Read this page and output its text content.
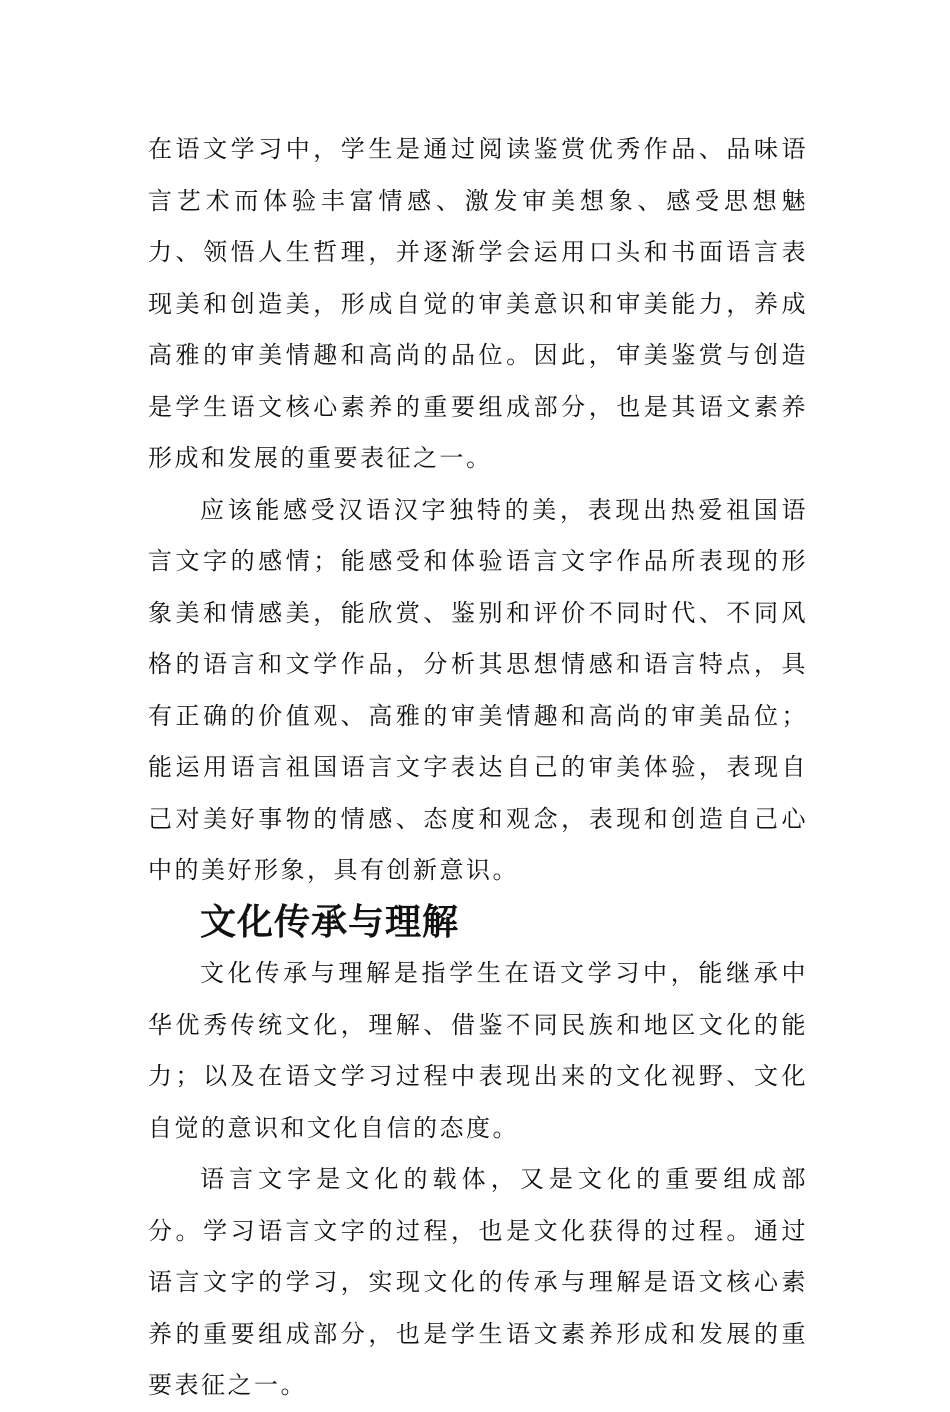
在语文学习中，学生是通过阅读鉴赏优秀作品、品味语言艺术而体验丰富情感、激发审美想象、感受思想魅力、领悟人生哲理，并逐渐学会运用口头和书面语言表现美和创造美，形成自觉的审美意识和审美能力，养成高雅的审美情趣和高尚的品位。因此，审美鉴赏与创造是学生语文核心素养的重要组成部分，也是其语文素养形成和发展的重要表征之一。

应该能感受汉语汉字独特的美，表现出热爱祖国语言文字的感情；能感受和体验语言文字作品所表现的形象美和情感美，能欣赏、鉴别和评价不同时代、不同风格的语言和文学作品，分析其思想情感和语言特点，具有正确的价值观、高雅的审美情趣和高尚的审美品位；能运用语言祖国语言文字表达自己的审美体验，表现自己对美好事物的情感、态度和观念，表现和创造自己心中的美好形象，具有创新意识。

文化传承与理解

文化传承与理解是指学生在语文学习中，能继承中华优秀传统文化，理解、借鉴不同民族和地区文化的能力；以及在语文学习过程中表现出来的文化视野、文化自觉的意识和文化自信的态度。

语言文字是文化的载体，又是文化的重要组成部分。学习语言文字的过程，也是文化获得的过程。通过语言文字的学习，实现文化的传承与理解是语文核心素养的重要组成部分，也是学生语文素养形成和发展的重要表征之一。
